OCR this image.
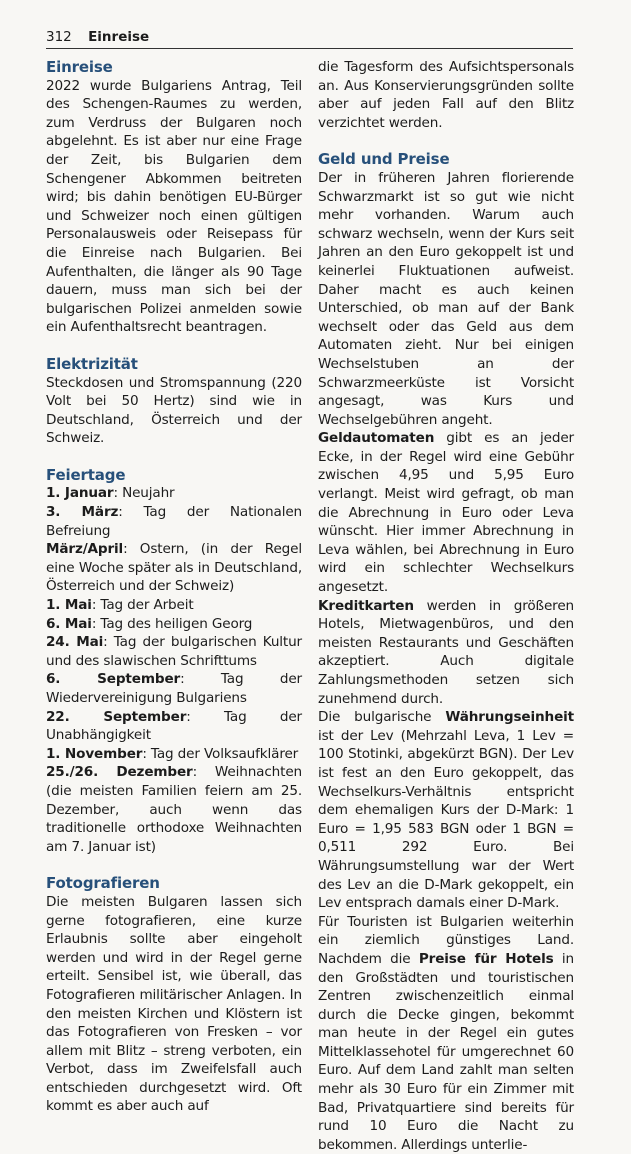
312 Einreise
Einreise

2022 wurde Bulgariens Antrag, Teil des Schengen-Raumes zu werden, zum Verdruss der Bulgaren noch abgelehnt. Es ist aber nur eine Frage der Zeit, bis Bulgarien dem Schengener Abkommen beitreten wird; bis dahin benötigen EU-Bürger und Schweizer noch einen gültigen Personalausweis oder Reisepass für die Einreise nach Bulgarien. Bei Aufenthalten, die länger als 90 Tage dauern, muss man sich bei der bulgarischen Polizei anmelden sowie ein Aufenthaltsrecht beantragen.

Elektrizität

Steckdosen und Stromspannung (220 Volt bei 50 Hertz) sind wie in Deutschland, Österreich und der Schweiz.

Feiertage

1. Januar: Neujahr

3. März: Tag der Nationalen Befreiung

März/April: Ostern, (in der Regel eine Woche später als in Deutschland, Österreich und der Schweiz)

1. Mai: Tag der Arbeit

6. Mai: Tag des heiligen Georg

24. Mai: Tag der bulgarischen Kultur und des slawischen Schrifttums

6. September: Tag der Wiedervereinigung Bulgariens

22. September: Tag der Unabhängigkeit

1. November: Tag der Volksaufklärer

25./26. Dezember: Weihnachten (die meisten Familien feiern am 25. Dezember, auch wenn das traditionelle orthodoxe Weihnachten am 7. Januar ist)

Fotografieren

Die meisten Bulgaren lassen sich gerne fotografieren, eine kurze Erlaubnis sollte aber eingeholt werden und wird in der Regel gerne erteilt. Sensibel ist, wie überall, das Fotografieren militärischer Anlagen. In den meisten Kirchen und Klöstern ist das Fotografieren von Fresken – vor allem mit Blitz – streng verboten, ein Verbot, dass im Zweifelsfall auch entschieden durchgesetzt wird. Oft kommt es aber auch auf

die Tagesform des Aufsichtspersonals an. Aus Konservierungsgründen sollte aber auf jeden Fall auf den Blitz verzichtet werden.

Geld und Preise

Der in früheren Jahren florierende Schwarzmarkt ist so gut wie nicht mehr vorhanden. Warum auch schwarz wechseln, wenn der Kurs seit Jahren an den Euro gekoppelt ist und keinerlei Fluktuationen aufweist. Daher macht es auch keinen Unterschied, ob man auf der Bank wechselt oder das Geld aus dem Automaten zieht. Nur bei einigen Wechselstuben an der Schwarzmeerküste ist Vorsicht angesagt, was Kurs und Wechselgebühren angeht.

Geldautomaten gibt es an jeder Ecke, in der Regel wird eine Gebühr zwischen 4,95 und 5,95 Euro verlangt. Meist wird gefragt, ob man die Abrechnung in Euro oder Leva wünscht. Hier immer Abrechnung in Leva wählen, bei Abrechnung in Euro wird ein schlechter Wechselkurs angesetzt.

Kreditkarten werden in größeren Hotels, Mietwagenbüros, und den meisten Restaurants und Geschäften akzeptiert. Auch digitale Zahlungsmethoden setzen sich zunehmend durch.

Die bulgarische Währungseinheit ist der Lev (Mehrzahl Leva, 1 Lev = 100 Stotinki, abgekürzt BGN). Der Lev ist fest an den Euro gekoppelt, das Wechselkurs-Verhältnis entspricht dem ehemaligen Kurs der D-Mark: 1 Euro = 1,95 583 BGN oder 1 BGN = 0,511 292 Euro. Bei Währungsumstellung war der Wert des Lev an die D-Mark gekoppelt, ein Lev entsprach damals einer D-Mark.

Für Touristen ist Bulgarien weiterhin ein ziemlich günstiges Land. Nachdem die Preise für Hotels in den Großstädten und touristischen Zentren zwischenzeitlich einmal durch die Decke gingen, bekommt man heute in der Regel ein gutes Mittelklassehotel für umgerechnet 60 Euro. Auf dem Land zahlt man selten mehr als 30 Euro für ein Zimmer mit Bad, Privatquartiere sind bereits für rund 10 Euro die Nacht zu bekommen. Allerdings unterlie-
